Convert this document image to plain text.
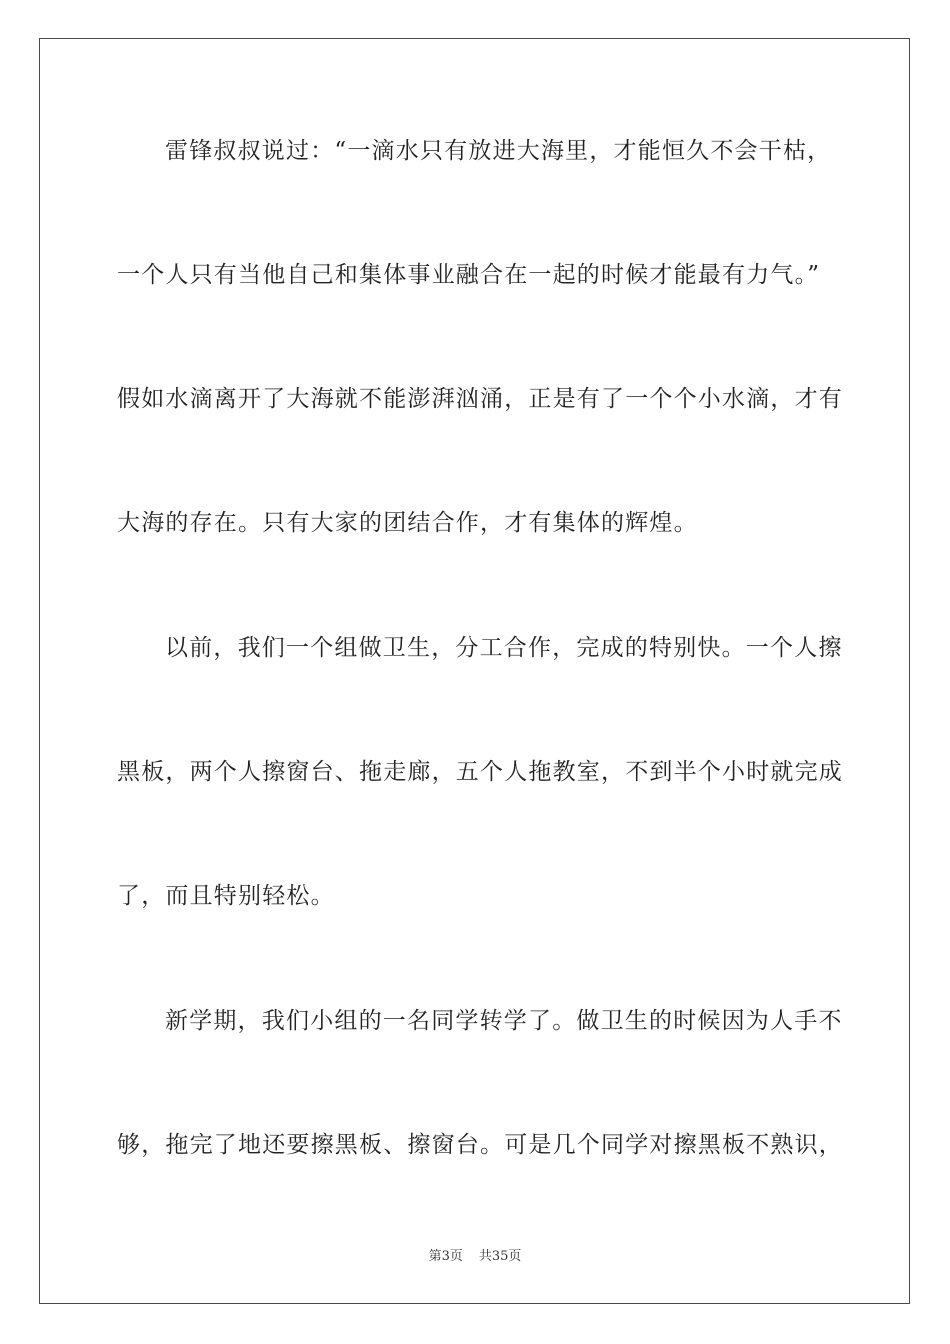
雷锋叔叔说过：“一滴水只有放进大海里，才能恒久不会干枯，
一个人只有当他自己和集体事业融合在一起的时候才能最有力气。”
假如水滴离开了大海就不能澎湃汹涌，正是有了一个个小水滴，才有
大海的存在。只有大家的团结合作，才有集体的辉煌。
以前，我们一个组做卫生，分工合作，完成的特别快。一个人擦
黑板，两个人擦窗台、拖走廊，五个人拖教室，不到半个小时就完成
了，而且特别轻松。
新学期，我们小组的一名同学转学了。做卫生的时候因为人手不
够，拖完了地还要擦黑板、擦窗台。可是几个同学对擦黑板不熟识，
第3页 共35页
